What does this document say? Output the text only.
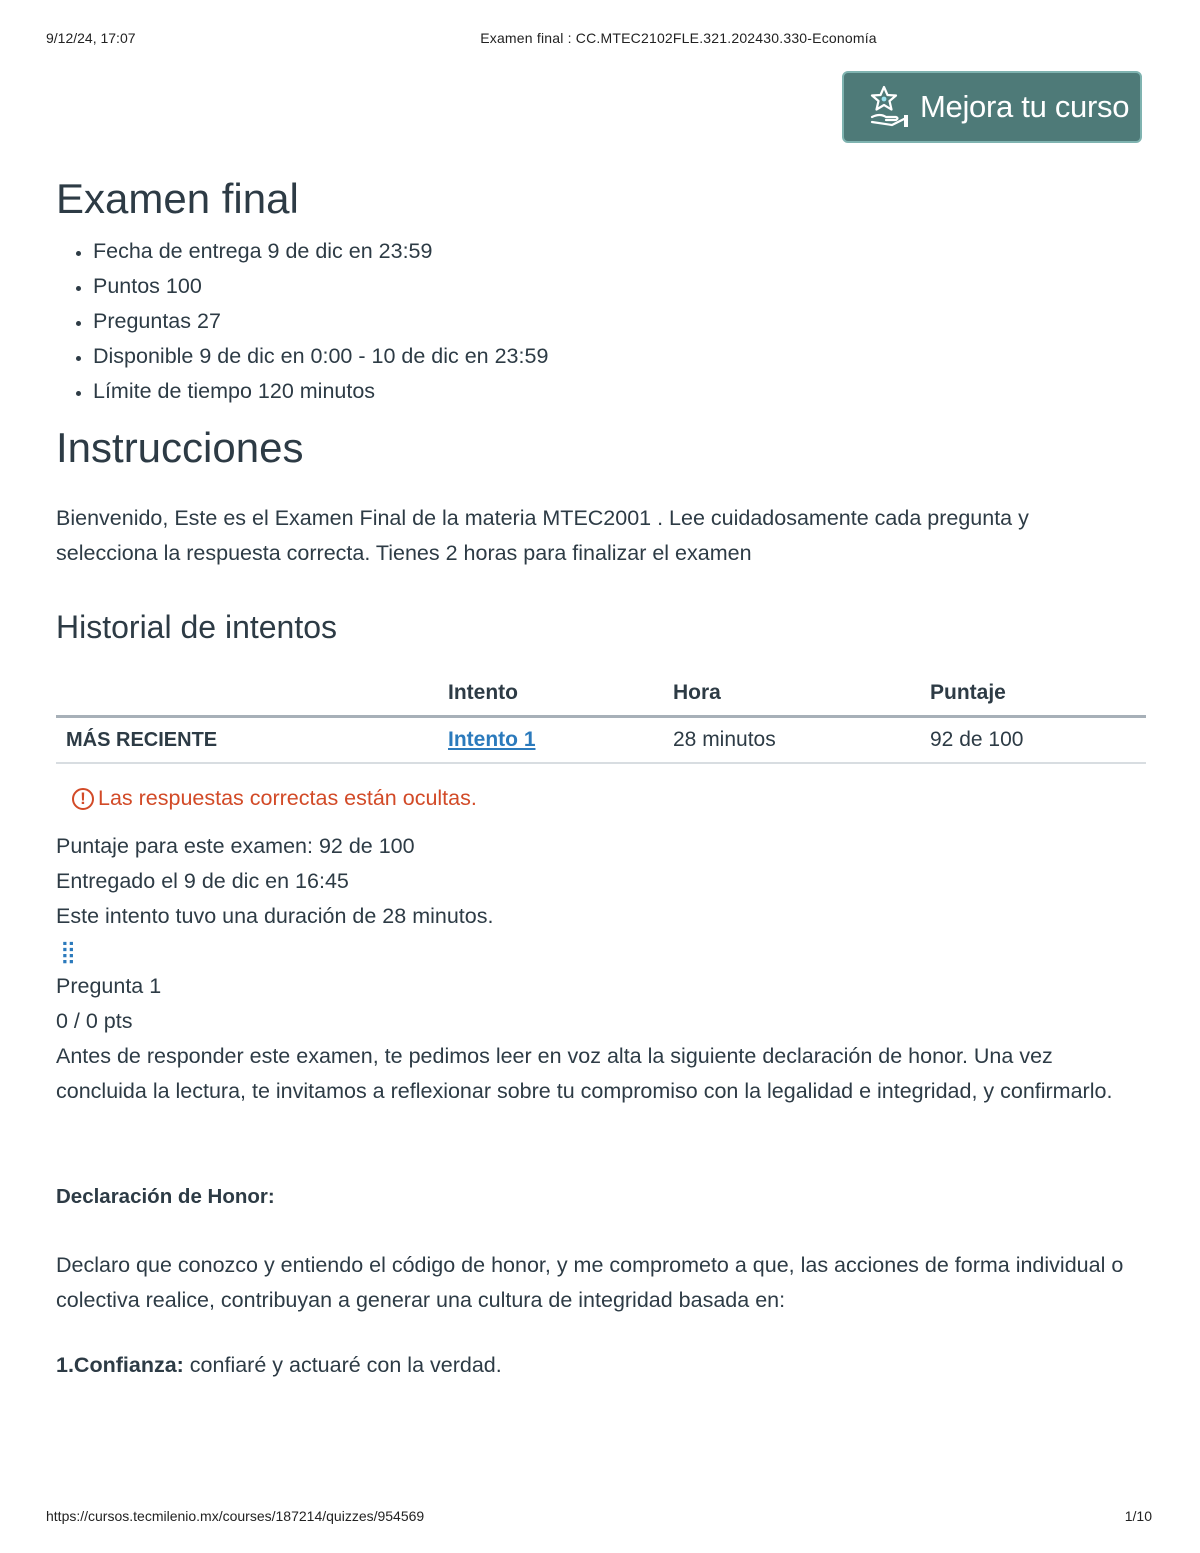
9/12/24, 17:07	Examen final : CC.MTEC2102FLE.321.202430.330-Economía
Mejora tu curso
Examen final
• Fecha de entrega 9 de dic en 23:59
• Puntos 100
• Preguntas 27
• Disponible 9 de dic en 0:00 - 10 de dic en 23:59
• Límite de tiempo 120 minutos
Instrucciones

Bienvenido, Este es el Examen Final de la materia MTEC2001 . Lee cuidadosamente cada pregunta y selecciona la respuesta correcta. Tienes 2 horas para finalizar el examen

Historial de intentos
	Intento	Hora	Puntaje
MÁS RECIENTE	Intento 1	28 minutos	92 de 100
! Las respuestas correctas están ocultas.
Puntaje para este examen: 92 de 100
Entregado el 9 de dic en 16:45
Este intento tuvo una duración de 28 minutos.
⣿
Pregunta 1
0 / 0 pts
Antes de responder este examen, te pedimos leer en voz alta la siguiente declaración de honor. Una vez concluida la lectura, te invitamos a reflexionar sobre tu compromiso con la legalidad e integridad, y confirmarlo.
Declaración de Honor:
Declaro que conozco y entiendo el código de honor, y me comprometo a que, las acciones de forma individual o colectiva realice, contribuyan a generar una cultura de integridad basada en:
1.Confianza: confiaré y actuaré con la verdad.
https://cursos.tecmilenio.mx/courses/187214/quizzes/954569	1/10
